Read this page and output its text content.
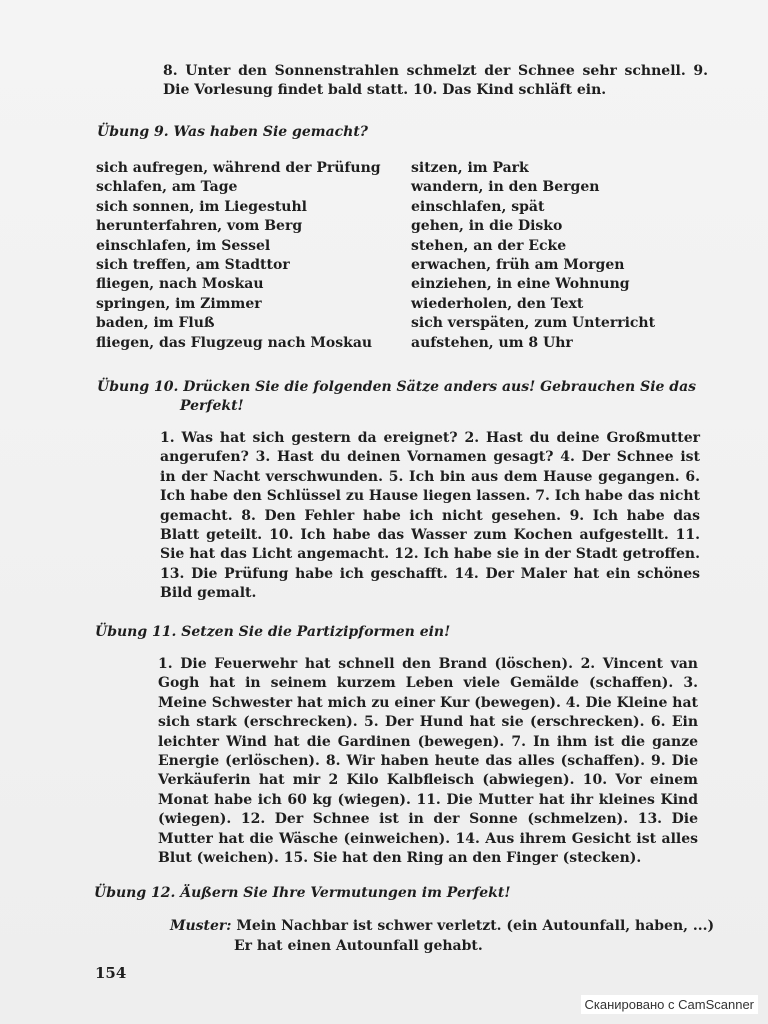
8. Unter den Sonnenstrahlen schmelzt der Schnee sehr schnell. 9. Die Vorlesung findet bald statt. 10. Das Kind schläft ein.
Übung 9. Was haben Sie gemacht?
sich aufregen, während der Prüfung
schlafen, am Tage
sich sonnen, im Liegestuhl
herunterfahren, vom Berg
einschlafen, im Sessel
sich treffen, am Stadttor
fliegen, nach Moskau
springen, im Zimmer
baden, im Fluß
fliegen, das Flugzeug nach Moskau
sitzen, im Park
wandern, in den Bergen
einschlafen, spät
gehen, in die Disko
stehen, an der Ecke
erwachen, früh am Morgen
einziehen, in eine Wohnung
wiederholen, den Text
sich verspäten, zum Unterricht
aufstehen, um 8 Uhr
Übung 10. Drücken Sie die folgenden Sätze anders aus! Gebrauchen Sie das
Perfekt!
1. Was hat sich gestern da ereignet? 2. Hast du deine Großmutter angerufen? 3. Hast du deinen Vornamen gesagt? 4. Der Schnee ist in der Nacht verschwunden. 5. Ich bin aus dem Hause gegangen. 6. Ich habe den Schlüssel zu Hause liegen lassen. 7. Ich habe das nicht gemacht. 8. Den Fehler habe ich nicht gesehen. 9. Ich habe das Blatt geteilt. 10. Ich habe das Wasser zum Kochen aufgestellt. 11. Sie hat das Licht angemacht. 12. Ich habe sie in der Stadt getroffen. 13. Die Prüfung habe ich geschafft. 14. Der Maler hat ein schönes Bild gemalt.
Übung 11. Setzen Sie die Partizipformen ein!
1. Die Feuerwehr hat schnell den Brand (löschen). 2. Vincent van Gogh hat in seinem kurzem Leben viele Gemälde (schaffen). 3. Meine Schwester hat mich zu einer Kur (bewegen). 4. Die Kleine hat sich stark (erschrecken). 5. Der Hund hat sie (erschrecken). 6. Ein leichter Wind hat die Gardinen (bewegen). 7. In ihm ist die ganze Energie (erlöschen). 8. Wir haben heute das alles (schaffen). 9. Die Verkäuferin hat mir 2 Kilo Kalbfleisch (abwiegen). 10. Vor einem Monat habe ich 60 kg (wiegen). 11. Die Mutter hat ihr kleines Kind (wiegen). 12. Der Schnee ist in der Sonne (schmelzen). 13. Die Mutter hat die Wäsche (einweichen). 14. Aus ihrem Gesicht ist alles Blut (weichen). 15. Sie hat den Ring an den Finger (stecken).
Übung 12. Äußern Sie Ihre Vermutungen im Perfekt!
Muster: Mein Nachbar ist schwer verletzt. (ein Autounfall, haben, ...)
Er hat einen Autounfall gehabt.
154
Сканировано с CamScanner
